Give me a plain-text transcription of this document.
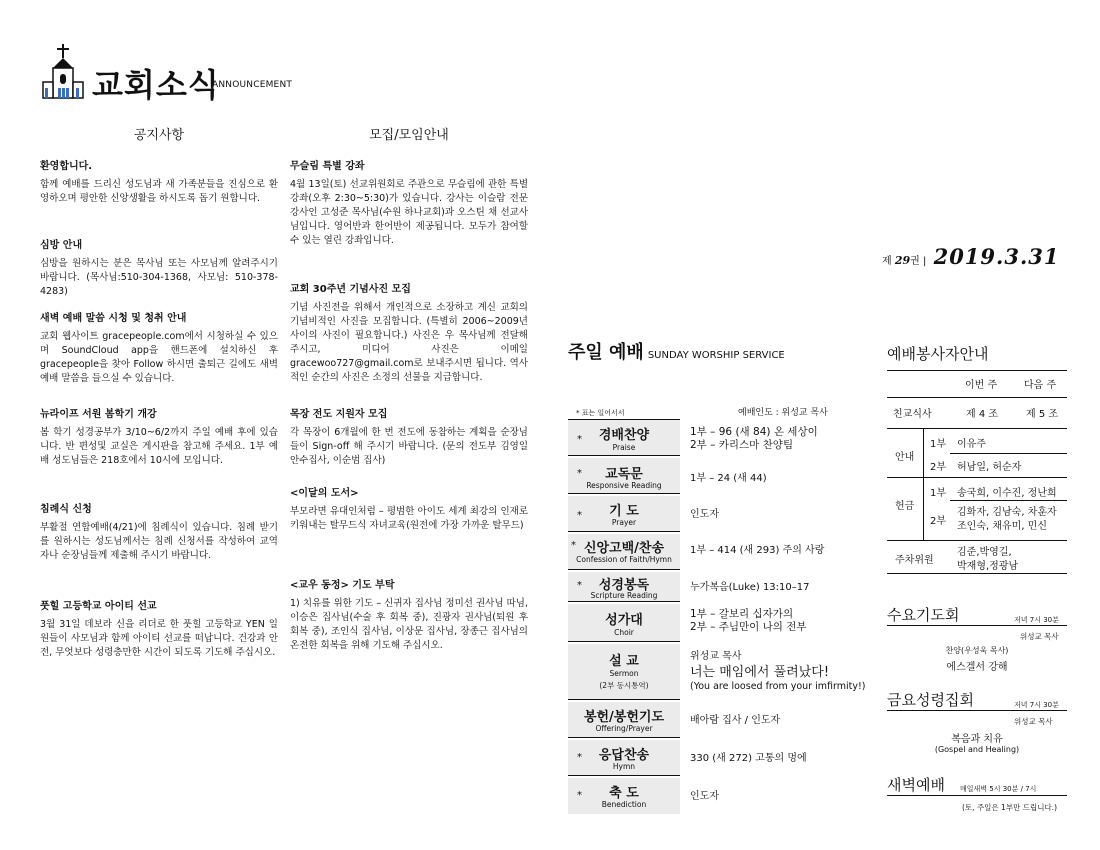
교회소식
ANNOUNCEMENT
공지사항	모집/모임안내
환영합니다.

함께 예배를 드리신 성도님과 새 가족분들을 진심으로 환영하오며 평안한 신앙생활을 하시도록 돕기 원합니다.

심방 안내

심방을 원하시는 분은 목사님 또는 사모님께 알려주시기 바랍니다. (목사님:510-304-1368, 사모님: 510-378-4283)

새벽 예배 말씀 시청 및 청취 안내

교회 웹사이트 gracepeople.com에서 시청하실 수 있으며 SoundCloud app을 핸드폰에 설치하신 후 gracepeople을 찾아 Follow 하시면 출퇴근 길에도 새벽예배 말씀을 들으실 수 있습니다.

뉴라이프 서원 봄학기 개강

봄 학기 성경공부가 3/10~6/2까지 주일 예배 후에 있습니다. 반 편성및 교실은 게시판을 참고해 주세요. 1부 예배 성도님들은 218호에서 10시에 모입니다.

침례식 신청

부활절 연합예배(4/21)에 침례식이 있습니다. 침례 받기를 원하시는 성도님께서는 침례 신청서를 작성하여 교역자나 순장님들께 제출해 주시기 바랍니다.

풋힐 고등학교 아이티 선교

3월 31일 데보라 신을 리더로 한 풋힐 고등학교 YEN 일원들이 사모님과 함께 아이티 선교를 떠납니다. 건강과 안전, 무엇보다 성령충만한 시간이 되도록 기도해 주십시오.

무슬림 특별 강좌

4월 13일(토) 선교위원회로 주관으로 무슬림에 관한 특별 강좌(오후 2:30~5:30)가 있습니다. 강사는 이슬람 전문 강사인 고성준 목사님(수원 하나교회)과 오스틴 채 선교사님입니다. 영어반과 한어반이 제공됩니다. 모두가 참여할 수 있는 열린 강좌입니다.

교회 30주년 기념사진 모집

기념 사진전을 위해서 개인적으로 소장하고 계신 교회의 기념비적인 사진을 모집합니다. (특별히 2006~2009년 사이의 사진이 필요합니다.) 사진은 우 목사님께 전달해 주시고, 미디어 사진은 이메일 gracewoo727@gmail.com로 보내주시면 됩니다. 역사적인 순간의 사진은 소정의 선물을 지급합니다.

목장 전도 지원자 모집

각 목장이 6개월에 한 번 전도에 동참하는 계획을 순장님들이 Sign-off 해 주시기 바랍니다. (문의 전도부 김영일 안수집사, 이순범 집사)

<이달의 도서>

부모라면 유대인처럼 – 평범한 아이도 세계 최강의 인재로 키워내는 탈무드식 자녀교육(원전에 가장 가까운 탈무드)

<교우 동정> 기도 부탁

1) 치유를 위한 기도 – 신귀자 집사님 정미선 권사님 따님, 이승은 집사님(수술 후 회복 중), 진광자 권사님(퇴원 후 회복 중), 조인식 집사님, 이상문 집사님, 장종근 집사님의 온전한 회복을 위해 기도해 주십시오.

제 29권 | 2019.3.31
주일 예배 SUNDAY WORSHIP SERVICE
* 표는 일어서서	예배인도 : 위성교 목사
*	경배찬양
Praise
1부 – 96 (새 84) 온 세상이
2부 – 카리스마 찬양팀
*	교독문
Responsive Reading
1부 – 24 (새 44)
*	기 도
Prayer
인도자
* 신앙고백/찬송
Confession of Faith/Hymn
1부 – 414 (새 293) 주의 사랑
*	성경봉독
Scripture Reading
누가복음(Luke) 13:10–17
성가대
Choir
1부 – 갈보리 십자가의
2부 – 주님만이 나의 전부
설 교
Sermon
(2부 동시통역)
위성교 목사
너는 매임에서 풀려났다!
(You are loosed from your imfirmity!)
봉헌/봉헌기도
Offering/Prayer
배아람 집사 / 인도자
*	응답찬송
Hymn
330 (새 272) 고통의 멍에
*	축 도
Benediction
인도자
예배봉사자안내
이번 주	다음 주
친교식사	제 4 조	제 5 조
안내
1부 이유주
2부 허남일, 허순자
헌금
1부 송국희, 이수진, 정난희
2부
김화자, 김남숙, 차훈자
조인숙, 채유미, 민신
주차위원
김준,박영길,
박재형,정광남
수요기도회	저녁 7시 30분
위성교 목사
찬양(우성욱 목사)
에스겔서 강해
금요성령집회	저녁 7시 30분
위성교 목사
복음과 치유
(Gospel and Healing)
새벽예배 매일새벽 5시 30분 / 7시
(토, 주일은 1부만 드립니다.)
